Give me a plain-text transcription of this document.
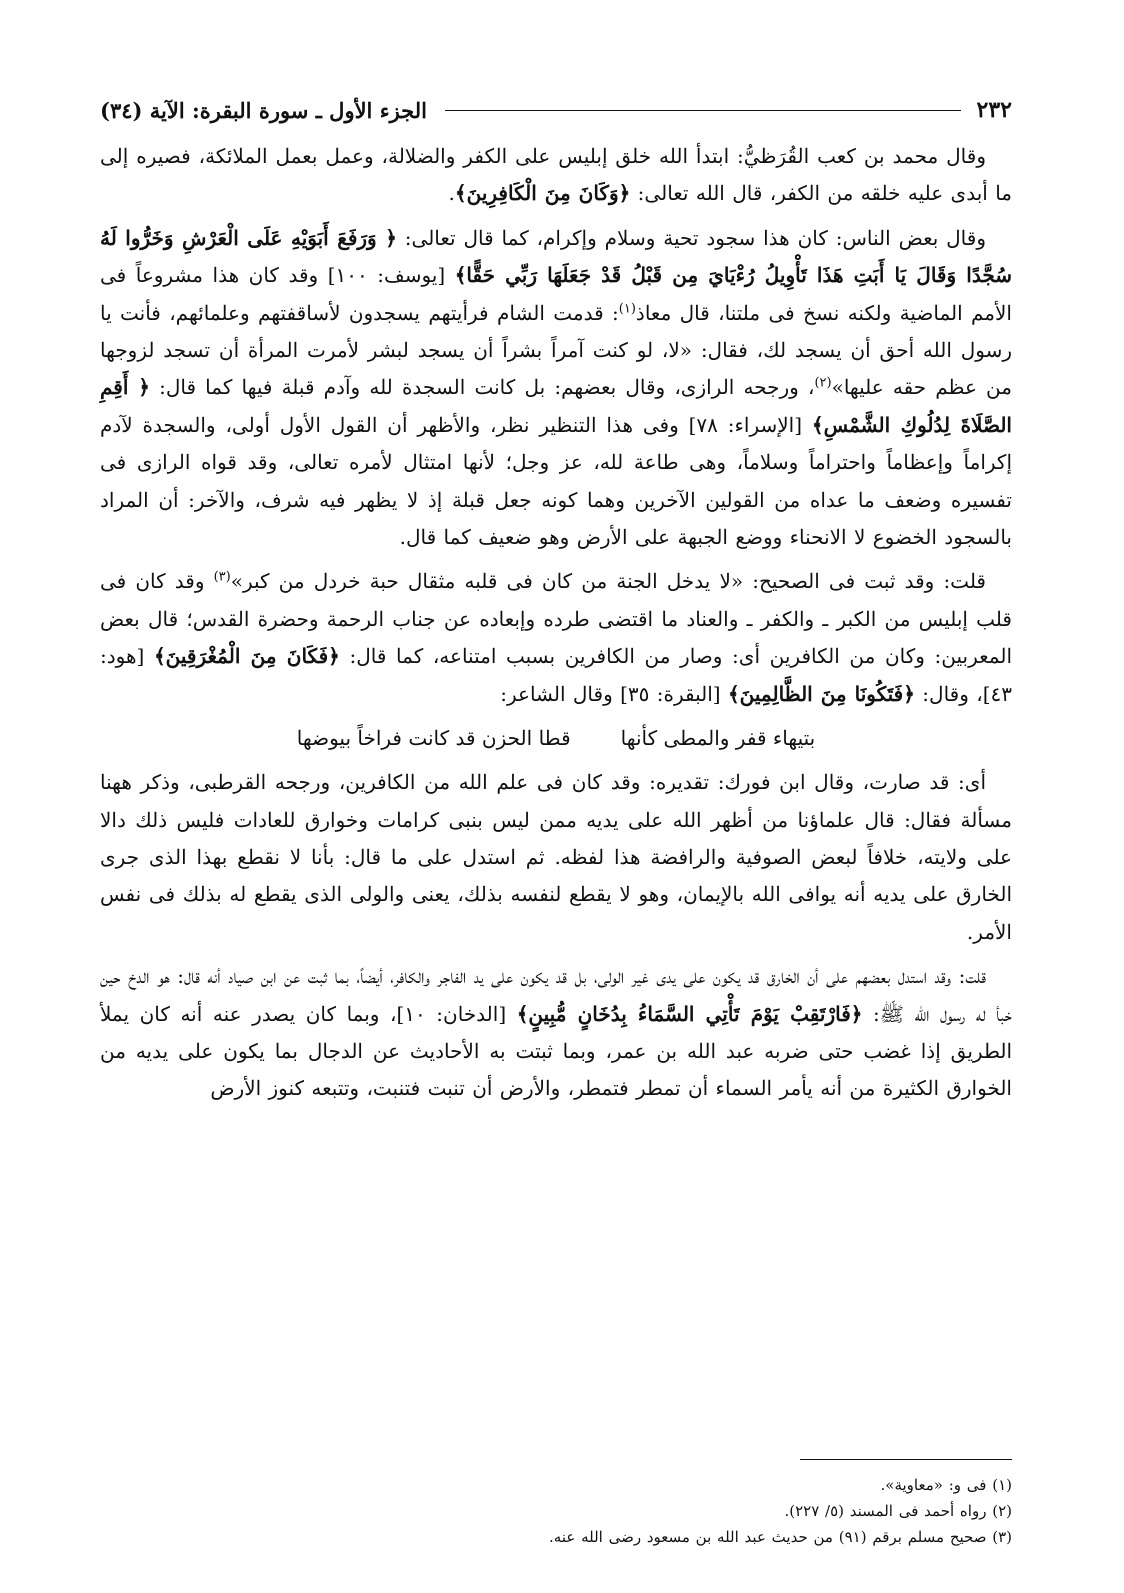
٢٣٢
الجزء الأول ـ سورة البقرة: الآية (٣٤)

وقال محمد بن كعب القُرَظيُّ: ابتدأ الله خلق إبليس على الكفر والضلالة، وعمل بعمل الملائكة، فصيره إلى ما أبدى عليه خلقه من الكفر، قال الله تعالى: ﴿وَكَانَ مِنَ الْكَافِرِينَ﴾.

وقال بعض الناس: كان هذا سجود تحية وسلام وإكرام، كما قال تعالى: ﴿ وَرَفَعَ أَبَوَيْهِ عَلَى الْعَرْشِ وَخَرُّوا لَهُ سُجَّدًا وَقَالَ يَا أَبَتِ هَذَا تَأْوِيلُ رُءْيَايَ مِن قَبْلُ قَدْ جَعَلَهَا رَبِّي حَقًّا﴾ [يوسف: ١٠٠] وقد كان هذا مشروعاً فى الأمم الماضية ولكنه نسخ فى ملتنا، قال معاذ$^{(١)}$: قدمت الشام فرأيتهم يسجدون لأساقفتهم وعلمائهم، فأنت يا رسول الله أحق أن يسجد لك، فقال: «لا، لو كنت آمراً بشراً أن يسجد لبشر لأمرت المرأة أن تسجد لزوجها من عظم حقه عليها»$^{(٢)}$، ورجحه الرازى، وقال بعضهم: بل كانت السجدة لله وآدم قبلة فيها كما قال: ﴿ أَقِمِ الصَّلَاةَ لِدُلُوكِ الشَّمْسِ﴾ [الإسراء: ٧٨] وفى هذا التنظير نظر، والأظهر أن القول الأول أولى، والسجدة لآدم إكراماً وإعظاماً واحتراماً وسلاماً، وهى طاعة لله، عز وجل؛ لأنها امتثال لأمره تعالى، وقد قواه الرازى فى تفسيره وضعف ما عداه من القولين الآخرين وهما كونه جعل قبلة إذ لا يظهر فيه شرف، والآخر: أن المراد بالسجود الخضوع لا الانحناء ووضع الجبهة على الأرض وهو ضعيف كما قال.

قلت: وقد ثبت فى الصحيح: «لا يدخل الجنة من كان فى قلبه مثقال حبة خردل من كبر»$^{(٣)}$ وقد كان فى قلب إبليس من الكبر ـ والكفر ـ والعناد ما اقتضى طرده وإبعاده عن جناب الرحمة وحضرة القدس؛ قال بعض المعربين: وكان من الكافرين أى: وصار من الكافرين بسبب امتناعه، كما قال: ﴿فَكَانَ مِنَ الْمُغْرَقِينَ﴾ [هود: ٤٣]، وقال: ﴿فَتَكُونَا مِنَ الظَّالِمِينَ﴾ [البقرة: ٣٥] وقال الشاعر:

بتيهاء قفر والمطى كأنها
قطا الحزن قد كانت فراخاً بيوضها

أى: قد صارت، وقال ابن فورك: تقديره: وقد كان فى علم الله من الكافرين، ورجحه القرطبى، وذكر ههنا مسألة فقال: قال علماؤنا من أظهر الله على يديه ممن ليس بنبى كرامات وخوارق للعادات فليس ذلك دالا على ولايته، خلافاً لبعض الصوفية والرافضة هذا لفظه. ثم استدل على ما قال: بأنا لا نقطع بهذا الذى جرى الخارق على يديه أنه يوافى الله بالإيمان، وهو لا يقطع لنفسه بذلك، يعنى والولى الذى يقطع له بذلك فى نفس الأمر.

قلت: وقد استدل بعضهم على أن الخارق قد يكون على يدى غير الولى، بل قد يكون على يد الفاجر والكافر، أيضاً، بما ثبت عن ابن صياد أنه قال: هو الدخ حين خبأ له رسول الله ﷺ: ﴿فَارْتَقِبْ يَوْمَ تَأْتِي السَّمَاءُ بِدُخَانٍ مُّبِينٍ﴾ [الدخان: ١٠]، وبما كان يصدر عنه أنه كان يملأ الطريق إذا غضب حتى ضربه عبد الله بن عمر، وبما ثبتت به الأحاديث عن الدجال بما يكون على يديه من الخوارق الكثيرة من أنه يأمر السماء أن تمطر فتمطر، والأرض أن تنبت فتنبت، وتتبعه كنوز الأرض

(١) فى و: «معاوية».

(٢) رواه أحمد فى المسند (٥/ ٢٢٧).

(٣) صحيح مسلم برقم (٩١) من حديث عبد الله بن مسعود رضى الله عنه.
